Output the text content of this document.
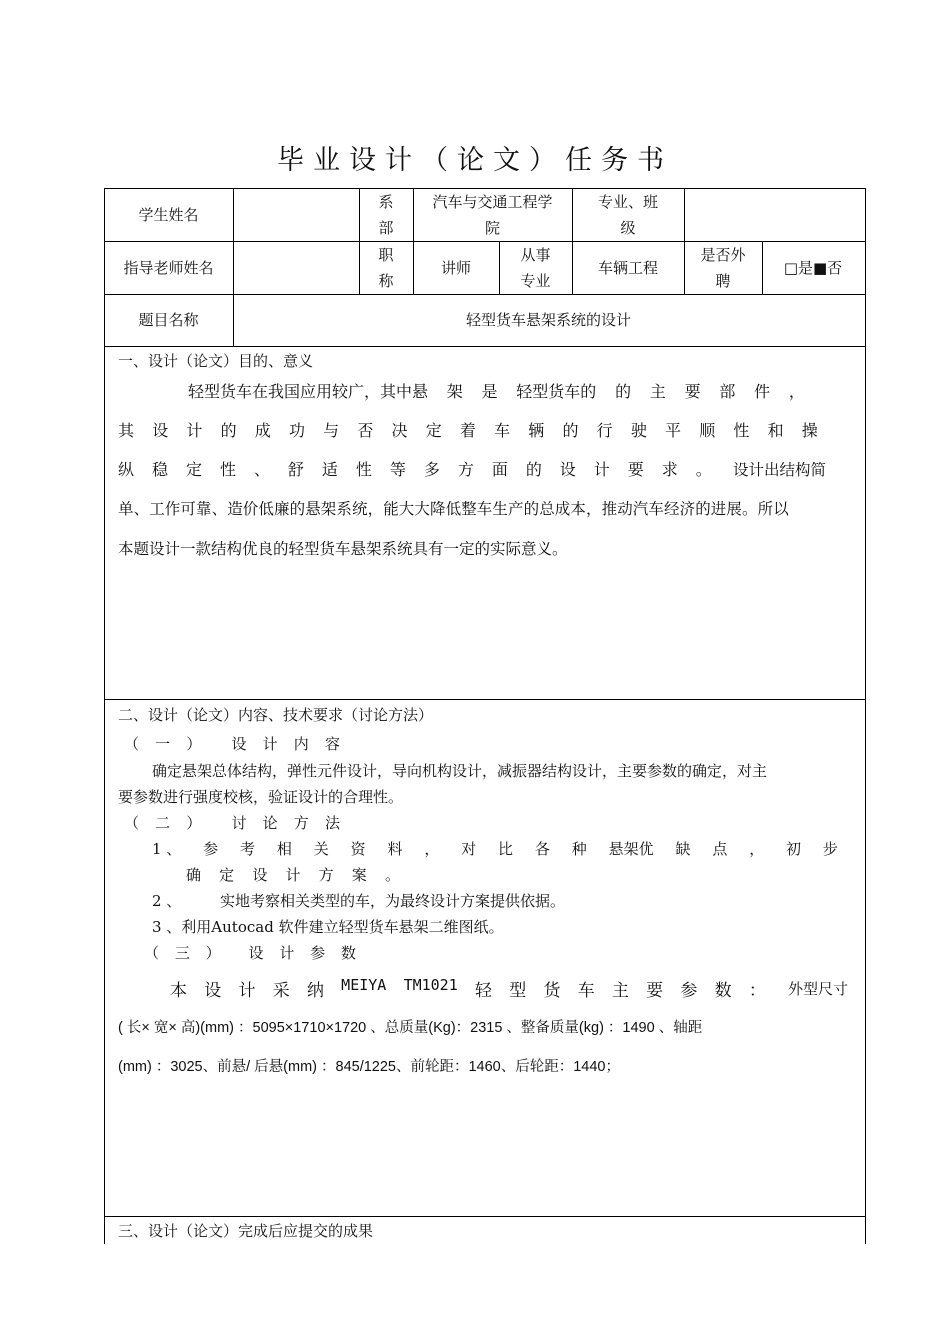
毕业设计（论文）任务书
学生姓名
系
部
汽车与交通工程学
院
专业、班
级
指导老师姓名
职
称
讲师
从事
专业
车辆工程
是否外
聘
□是■否
题目名称	轻型货车悬架系统的设计
一、设计（论文）目的、意义
轻型货车在我国应用较广，其中悬 架 是 轻型货车的 的 主 要 部 件 ，
其 设 计 的 成 功 与 否 决 定 着 车 辆 的 行 驶 平 顺 性 和 操
纵 稳 定 性 、 舒 适 性 等 多 方 面 的 设 计 要 求 。 设计出结构简
单、工作可靠、造价低廉的悬架系统，能大大降低整车生产的总成本，推动汽车经济的进展。所以
本题设计一款结构优良的轻型货车悬架系统具有一定的实际意义。
二、设计（论文）内容、技术要求（讨论方法）
（ 一 ） 设 计 内 容
确定悬架总体结构，弹性元件设计，导向机构设计，减振器结构设计，主要参数的确定，对主
要参数进行强度校核，验证设计的合理性。
（ 二 ） 讨 论 方 法
1 、 参 考 相 关 资 料 ， 对 比 各 种 悬架优 缺 点 ， 初 步
确 定 设 计 方 案 。
2 、	实地考察相关类型的车，为最终设计方案提供依据。
3 、利用Autocad 软件建立轻型货车悬架二维图纸。
（ 三 ） 设 计 参 数
本 设 计 采 纳 MEIYA TM1021 轻 型 货 车 主 要 参 数 ： 外型尺寸
( 长× 宽× 高)(mm) ：5095×1710×1720 、总质量(Kg)：2315 、整备质量(kg) ：1490 、轴距
(mm) ：3025、前悬/ 后悬(mm) ：845/1225、前轮距：1460、后轮距：1440；
三、设计（论文）完成后应提交的成果
